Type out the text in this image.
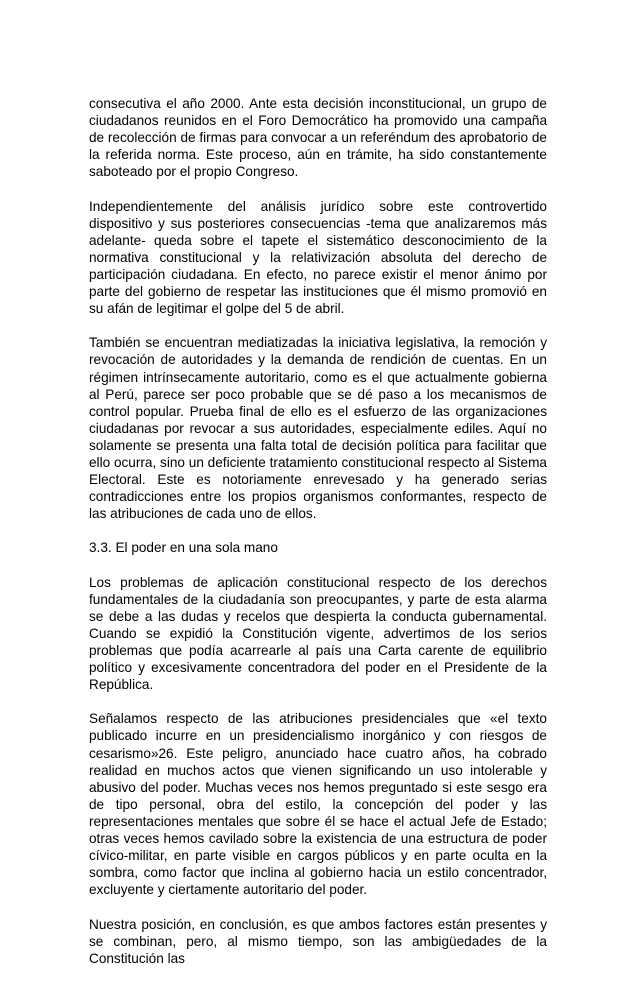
consecutiva el año 2000. Ante esta decisión inconstitucional, un grupo de ciudadanos reunidos en el Foro Democrático ha promovido una campaña de recolección de firmas para convocar a un referéndum des aprobatorio de la referida norma. Este proceso, aún en trámite, ha sido constantemente saboteado por el propio Congreso.

Independientemente del análisis jurídico sobre este controvertido dispositivo y sus posteriores consecuencias -tema que analizaremos más adelante- queda sobre el tapete el sistemático desconocimiento de la normativa constitucional y la relativización absoluta del derecho de participación ciudadana. En efecto, no parece existir el menor ánimo por parte del gobierno de respetar las instituciones que él mismo promovió en su afán de legitimar el golpe del 5 de abril.

También se encuentran mediatizadas la iniciativa legislativa, la remoción y revocación de autoridades y la demanda de rendición de cuentas. En un régimen intrínsecamente autoritario, como es el que actualmente gobierna al Perú, parece ser poco probable que se dé paso a los mecanismos de control popular. Prueba final de ello es el esfuerzo de las organizaciones ciudadanas por revocar a sus autoridades, especialmente ediles. Aquí no solamente se presenta una falta total de decisión política para facilitar que ello ocurra, sino un deficiente tratamiento constitucional respecto al Sistema Electoral. Este es notoriamente enrevesado y ha generado serias contradicciones entre los propios organismos conformantes, respecto de las atribuciones de cada uno de ellos.

3.3. El poder en una sola mano

Los problemas de aplicación constitucional respecto de los derechos fundamentales de la ciudadanía son preocupantes, y parte de esta alarma se debe a las dudas y recelos que despierta la conducta gubernamental. Cuando se expidió la Constitución vigente, advertimos de los serios problemas que podía acarrearle al país una Carta carente de equilibrio político y excesivamente concentradora del poder en el Presidente de la República.

Señalamos respecto de las atribuciones presidenciales que «el texto publicado incurre en un presidencialismo inorgánico y con riesgos de cesarismo»26. Este peligro, anunciado hace cuatro años, ha cobrado realidad en muchos actos que vienen significando un uso intolerable y abusivo del poder. Muchas veces nos hemos preguntado si este sesgo era de tipo personal, obra del estilo, la concepción del poder y las representaciones mentales que sobre él se hace el actual Jefe de Estado; otras veces hemos cavilado sobre la existencia de una estructura de poder cívico-militar, en parte visible en cargos públicos y en parte oculta en la sombra, como factor que inclina al gobierno hacia un estilo concentrador, excluyente y ciertamente autoritario del poder.

Nuestra posición, en conclusión, es que ambos factores están presentes y se combinan, pero, al mismo tiempo, son las ambigüedades de la Constitución las
